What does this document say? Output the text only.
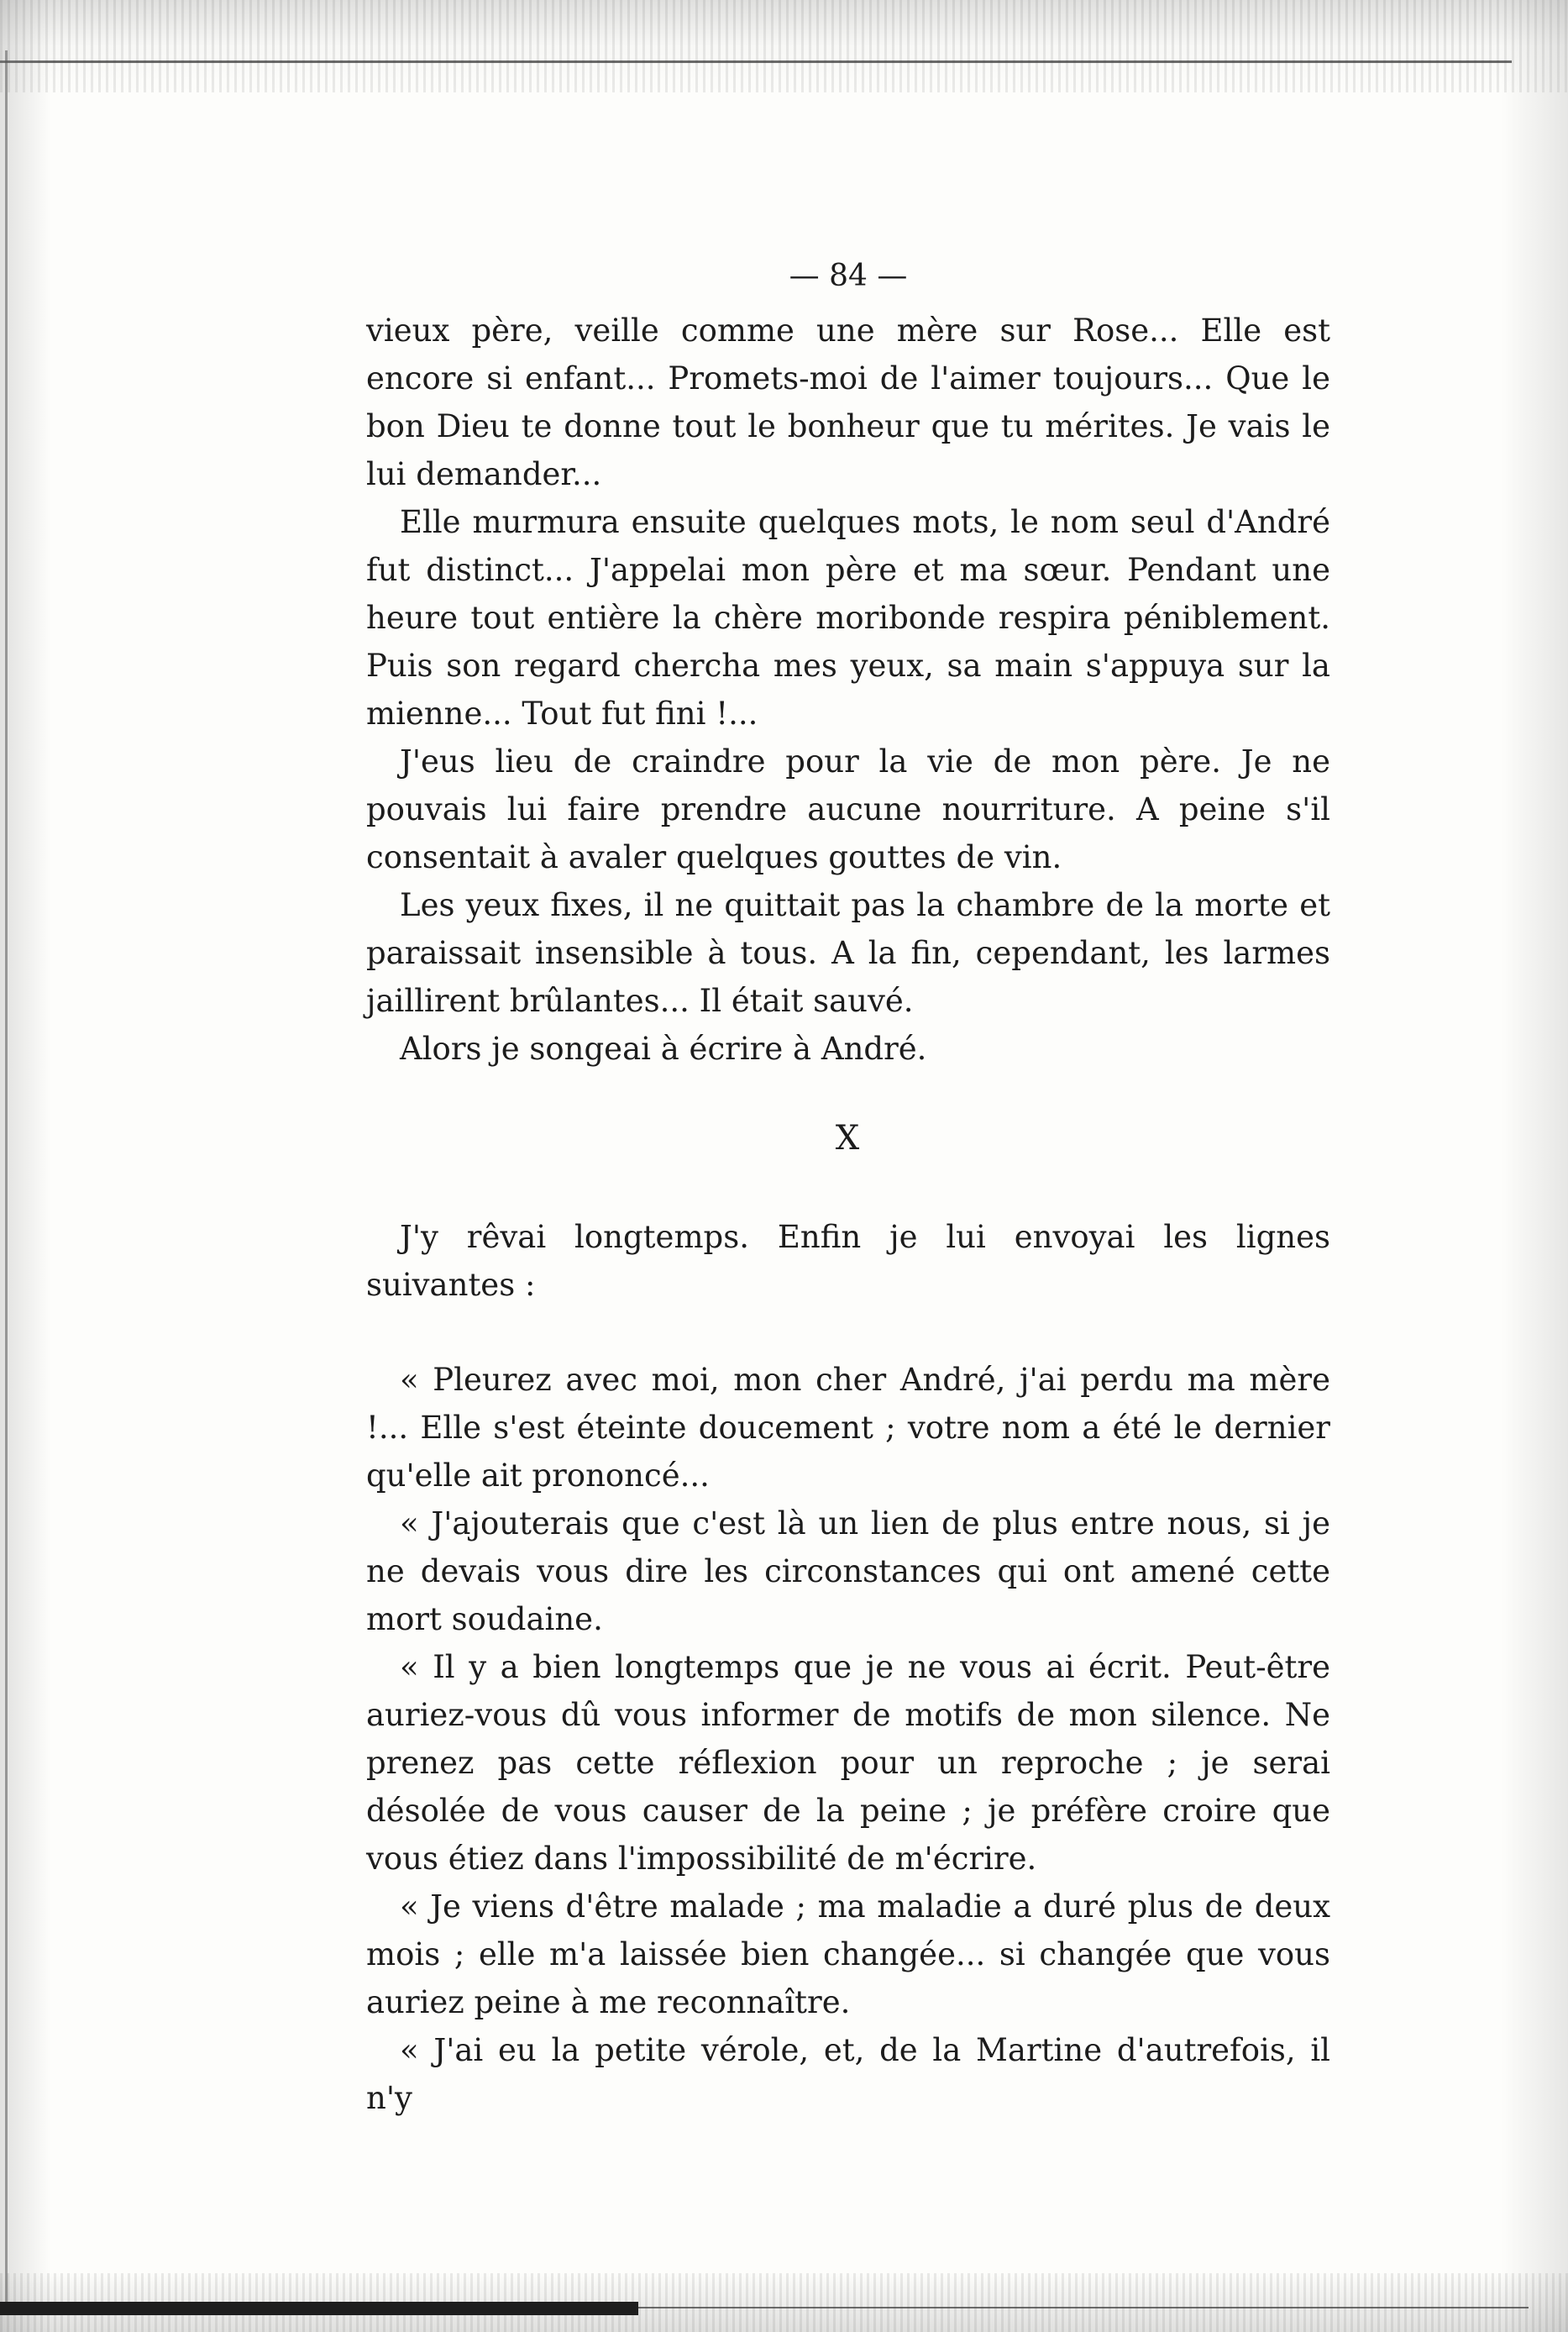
— 84 —

vieux père, veille comme une mère sur Rose... Elle est encore si enfant... Promets-moi de l'aimer toujours... Que le bon Dieu te donne tout le bonheur que tu mérites. Je vais le lui demander...

Elle murmura ensuite quelques mots, le nom seul d'André fut distinct... J'appelai mon père et ma sœur. Pendant une heure tout entière la chère moribonde respira péniblement. Puis son regard chercha mes yeux, sa main s'appuya sur la mienne... Tout fut fini !...

J'eus lieu de craindre pour la vie de mon père. Je ne pouvais lui faire prendre aucune nourriture. A peine s'il consentait à avaler quelques gouttes de vin.

Les yeux fixes, il ne quittait pas la chambre de la morte et paraissait insensible à tous. A la fin, cependant, les larmes jaillirent brûlantes... Il était sauvé.

Alors je songeai à écrire à André.

X

J'y rêvai longtemps. Enfin je lui envoyai les lignes suivantes :

« Pleurez avec moi, mon cher André, j'ai perdu ma mère !... Elle s'est éteinte doucement ; votre nom a été le dernier qu'elle ait prononcé...

« J'ajouterais que c'est là un lien de plus entre nous, si je ne devais vous dire les circonstances qui ont amené cette mort soudaine.

« Il y a bien longtemps que je ne vous ai écrit. Peut-être auriez-vous dû vous informer de motifs de mon silence. Ne prenez pas cette réflexion pour un reproche ; je serai désolée de vous causer de la peine ; je préfère croire que vous étiez dans l'impossibilité de m'écrire.

« Je viens d'être malade ; ma maladie a duré plus de deux mois ; elle m'a laissée bien changée... si changée que vous auriez peine à me reconnaître.

« J'ai eu la petite vérole, et, de la Martine d'autrefois, il n'y
